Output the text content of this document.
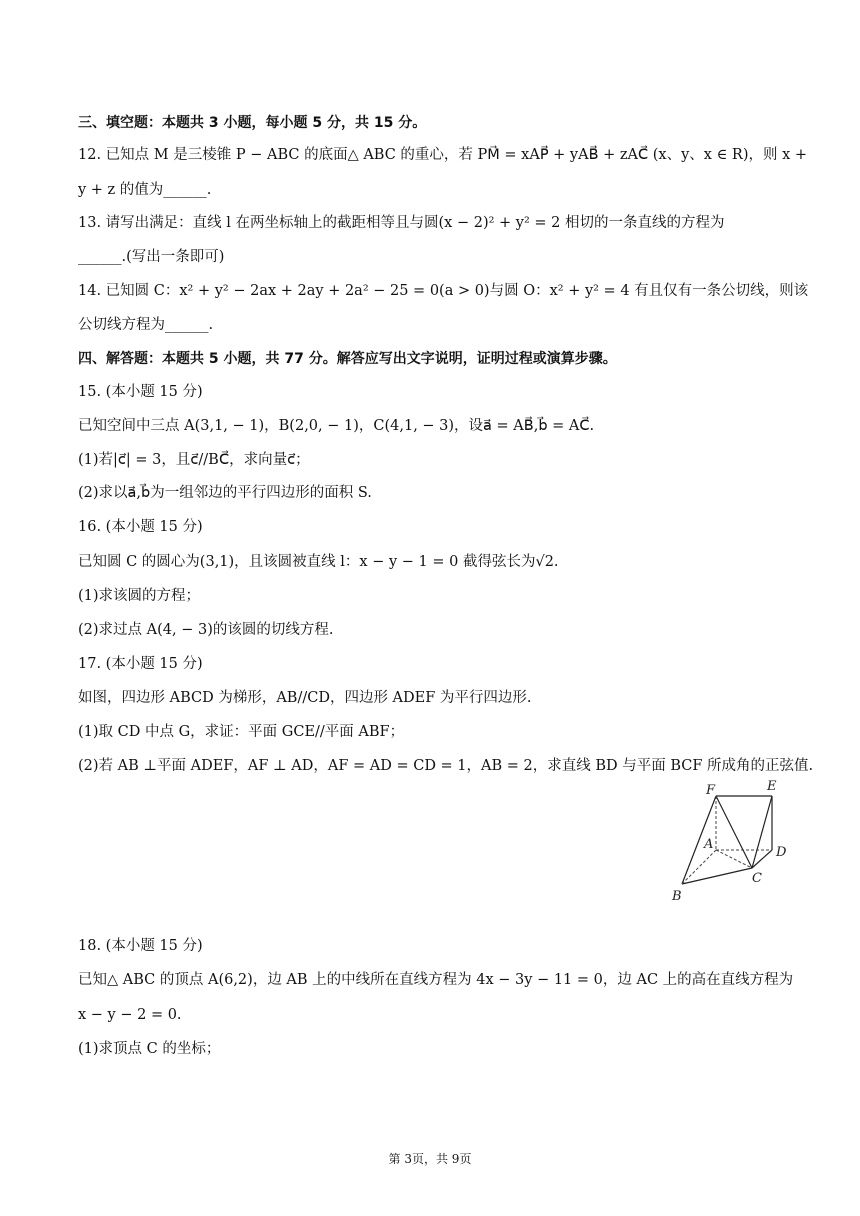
三、填空题：本题共 3 小题，每小题 5 分，共 15 分。
12. 已知点 M 是三棱锥 P − ABC 的底面△ ABC 的重心，若 PM⃗ = xAP⃗ + yAB⃗ + zAC⃗ (x、y、x ∈ R)，则 x +
y + z 的值为______.
13. 请写出满足：直线 l 在两坐标轴上的截距相等且与圆(x − 2)² + y² = 2 相切的一条直线的方程为
______.(写出一条即可)
14. 已知圆 C：x² + y² − 2ax + 2ay + 2a² − 25 = 0(a > 0)与圆 O：x² + y² = 4 有且仅有一条公切线，则该
公切线方程为______.
四、解答题：本题共 5 小题，共 77 分。解答应写出文字说明，证明过程或演算步骤。
15. (本小题 15 分)
已知空间中三点 A(3,1, − 1)，B(2,0, − 1)，C(4,1, − 3)，设a⃗ = AB⃗,b⃗ = AC⃗.
(1)若|c⃗| = 3，且c⃗//BC⃗，求向量c⃗；
(2)求以a⃗,b⃗为一组邻边的平行四边形的面积 S.
16. (本小题 15 分)
已知圆 C 的圆心为(3,1)，且该圆被直线 l：x − y − 1 = 0 截得弦长为√2.
(1)求该圆的方程；
(2)求过点 A(4, − 3)的该圆的切线方程.
17. (本小题 15 分)
如图，四边形 ABCD 为梯形，AB//CD，四边形 ADEF 为平行四边形.
(1)取 CD 中点 G，求证：平面 GCE//平面 ABF；
(2)若 AB ⊥平面 ADEF，AF ⊥ AD，AF = AD = CD = 1，AB = 2，求直线 BD 与平面 BCF 所成角的正弦值.
F	E
A
D
B
C
18. (本小题 15 分)
已知△ ABC 的顶点 A(6,2)，边 AB 上的中线所在直线方程为 4x − 3y − 11 = 0，边 AC 上的高在直线方程为
x − y − 2 = 0.
(1)求顶点 C 的坐标；
第 3页，共 9页
